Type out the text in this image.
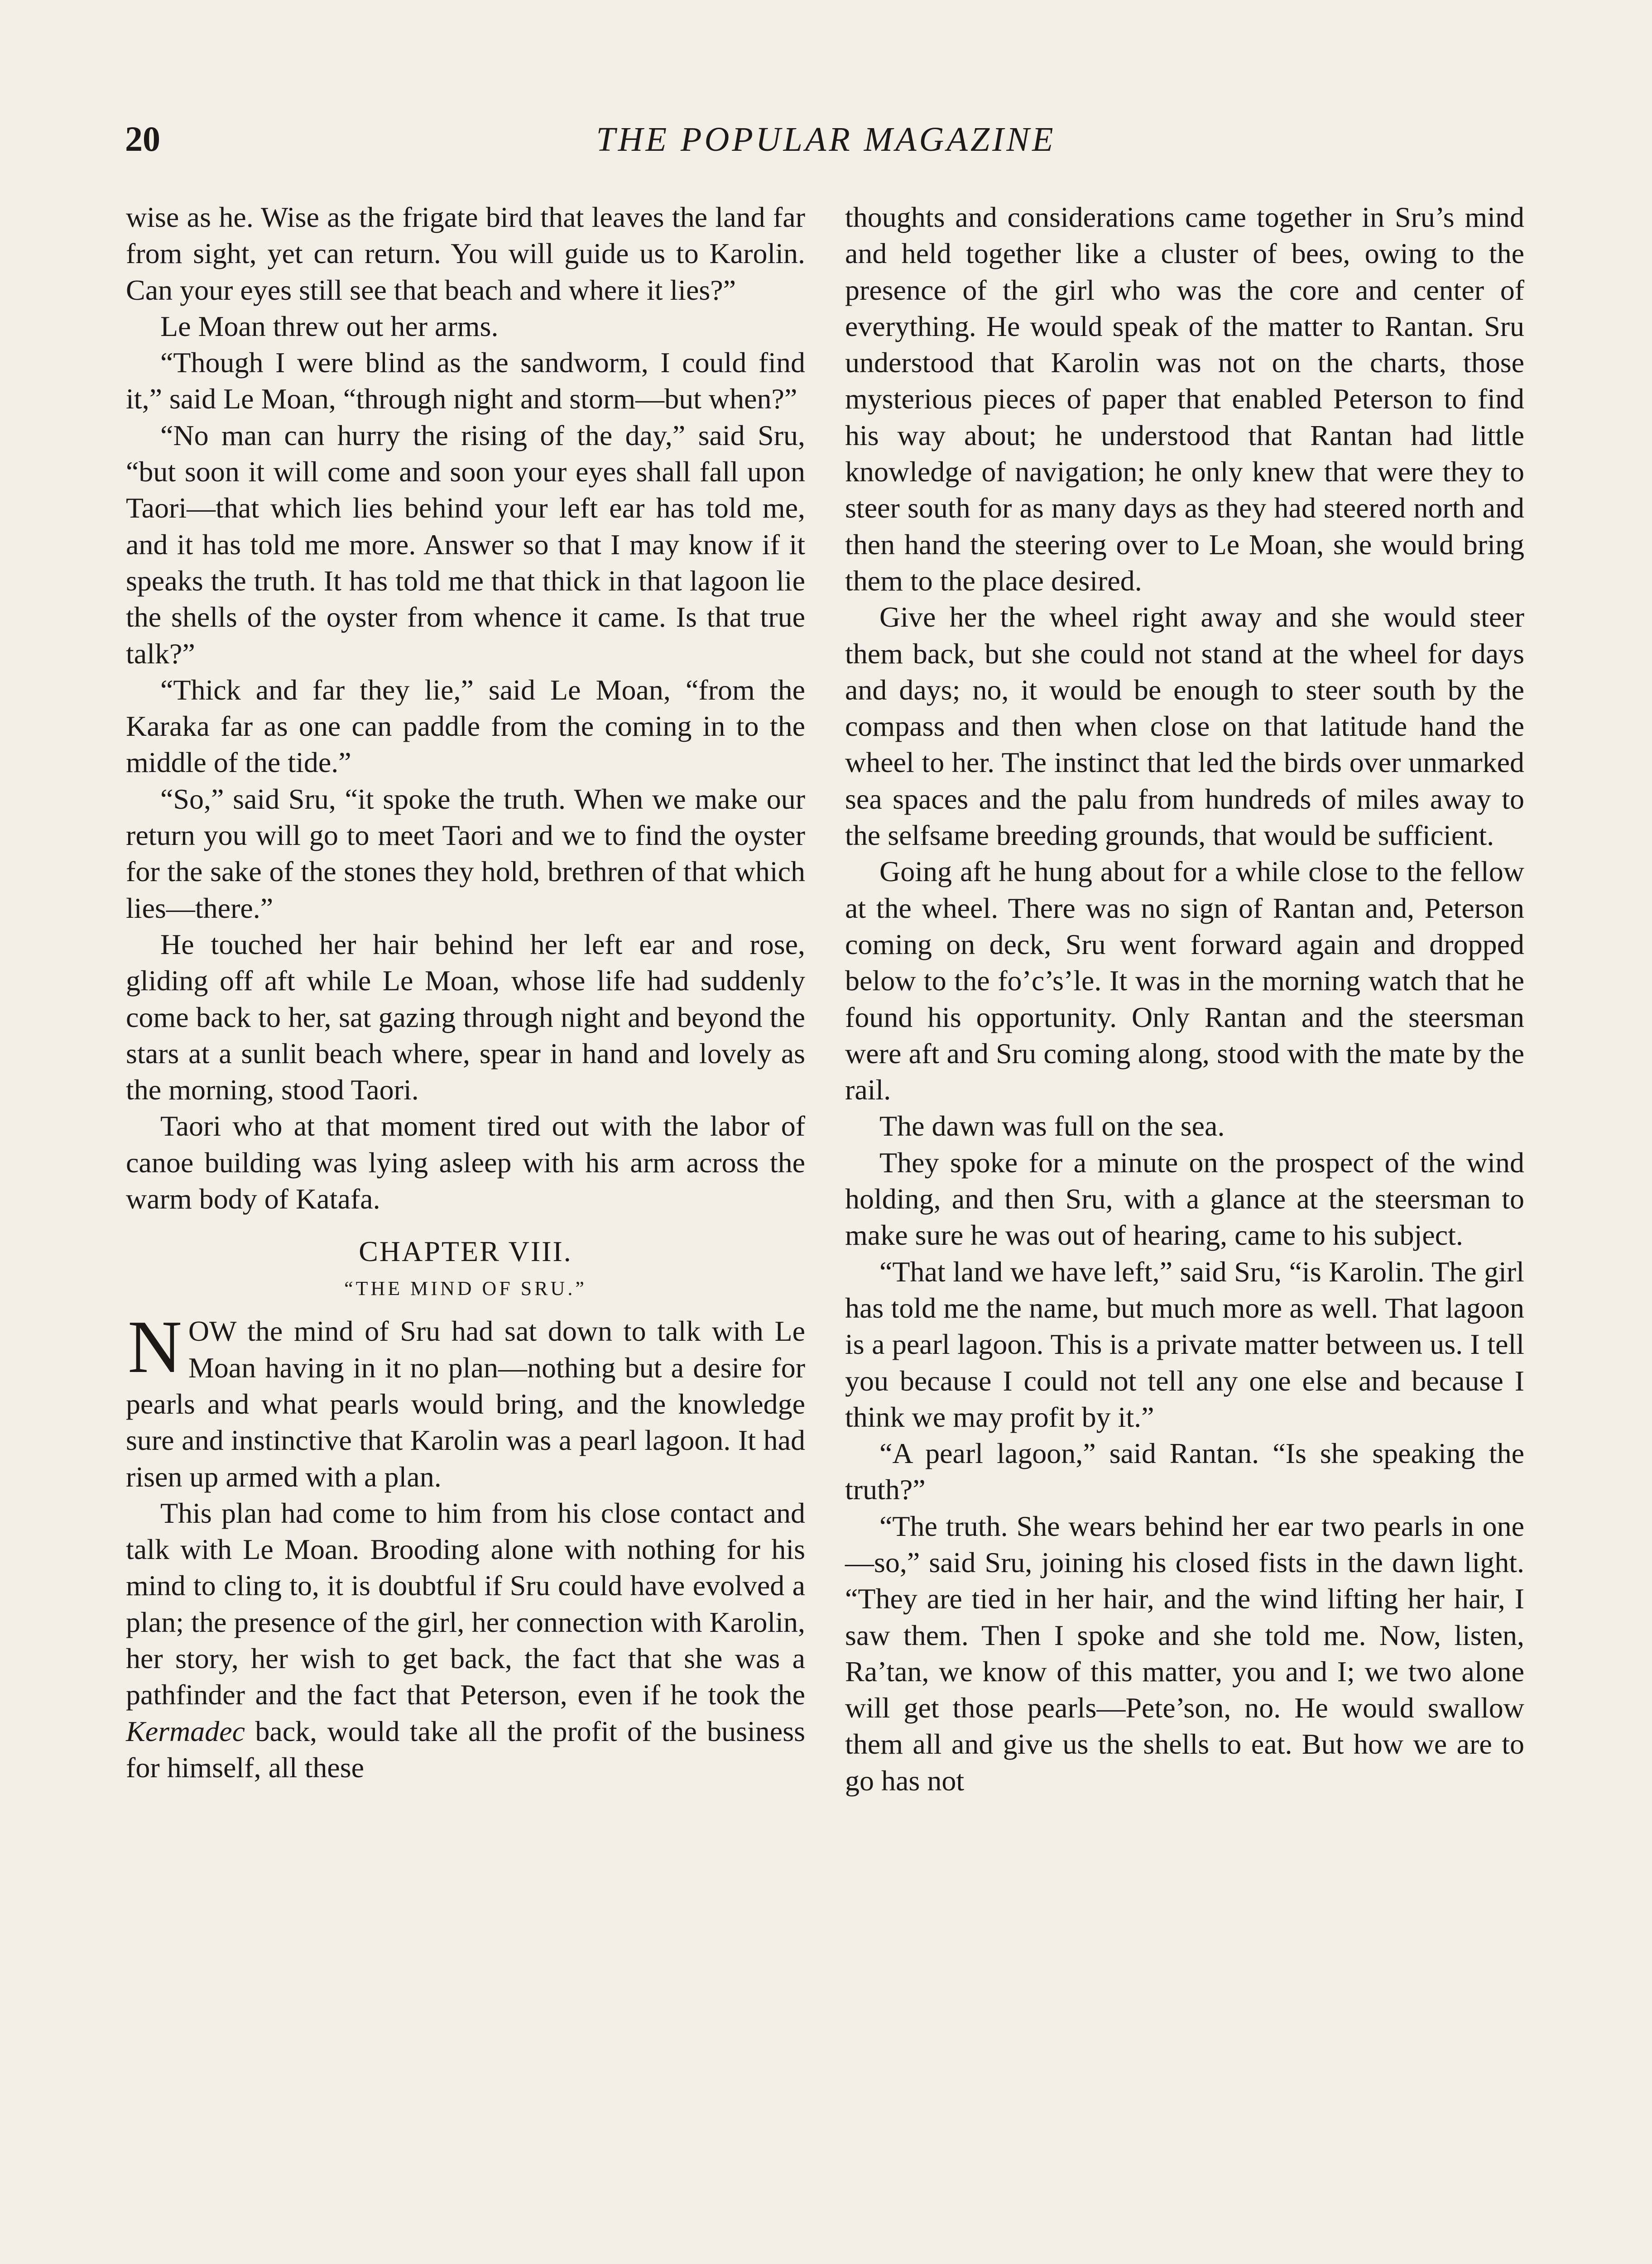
20	THE POPULAR MAGAZINE

wise as he. Wise as the frigate bird that leaves the land far from sight, yet can return. You will guide us to Karolin. Can your eyes still see that beach and where it lies?”

Le Moan threw out her arms.

“Though I were blind as the sandworm, I could find it,” said Le Moan, “through night and storm—but when?”

“No man can hurry the rising of the day,” said Sru, “but soon it will come and soon your eyes shall fall upon Taori—that which lies behind your left ear has told me, and it has told me more. Answer so that I may know if it speaks the truth. It has told me that thick in that lagoon lie the shells of the oyster from whence it came. Is that true talk?”

“Thick and far they lie,” said Le Moan, “from the Karaka far as one can paddle from the coming in to the middle of the tide.”

“So,” said Sru, “it spoke the truth. When we make our return you will go to meet Taori and we to find the oyster for the sake of the stones they hold, brethren of that which lies—there.”

He touched her hair behind her left ear and rose, gliding off aft while Le Moan, whose life had suddenly come back to her, sat gazing through night and beyond the stars at a sunlit beach where, spear in hand and lovely as the morning, stood Taori.

Taori who at that moment tired out with the labor of canoe building was lying asleep with his arm across the warm body of Katafa.

CHAPTER VIII.
“THE MIND OF SRU.”

NOW the mind of Sru had sat down to talk with Le Moan having in it no plan—nothing but a desire for pearls and what pearls would bring, and the knowledge sure and instinctive that Karolin was a pearl lagoon. It had risen up armed with a plan.

This plan had come to him from his close contact and talk with Le Moan. Brooding alone with nothing for his mind to cling to, it is doubtful if Sru could have evolved a plan; the presence of the girl, her connection with Karolin, her story, her wish to get back, the fact that she was a pathfinder and the fact that Peterson, even if he took the Kermadec back, would take all the profit of the business for himself, all these

thoughts and considerations came together in Sru’s mind and held together like a cluster of bees, owing to the presence of the girl who was the core and center of everything. He would speak of the matter to Rantan. Sru understood that Karolin was not on the charts, those mysterious pieces of paper that enabled Peterson to find his way about; he understood that Rantan had little knowledge of navigation; he only knew that were they to steer south for as many days as they had steered north and then hand the steering over to Le Moan, she would bring them to the place desired.

Give her the wheel right away and she would steer them back, but she could not stand at the wheel for days and days; no, it would be enough to steer south by the compass and then when close on that latitude hand the wheel to her. The instinct that led the birds over unmarked sea spaces and the palu from hundreds of miles away to the selfsame breeding grounds, that would be sufficient.

Going aft he hung about for a while close to the fellow at the wheel. There was no sign of Rantan and, Peterson coming on deck, Sru went forward again and dropped below to the fo’c’s’le. It was in the morning watch that he found his opportunity. Only Rantan and the steersman were aft and Sru coming along, stood with the mate by the rail.

The dawn was full on the sea.

They spoke for a minute on the prospect of the wind holding, and then Sru, with a glance at the steersman to make sure he was out of hearing, came to his subject.

“That land we have left,” said Sru, “is Karolin. The girl has told me the name, but much more as well. That lagoon is a pearl lagoon. This is a private matter between us. I tell you because I could not tell any one else and because I think we may profit by it.”

“A pearl lagoon,” said Rantan. “Is she speaking the truth?”

“The truth. She wears behind her ear two pearls in one—so,” said Sru, joining his closed fists in the dawn light. “They are tied in her hair, and the wind lifting her hair, I saw them. Then I spoke and she told me. Now, listen, Ra’tan, we know of this matter, you and I; we two alone will get those pearls—Pete’son, no. He would swallow them all and give us the shells to eat. But how we are to go has not
